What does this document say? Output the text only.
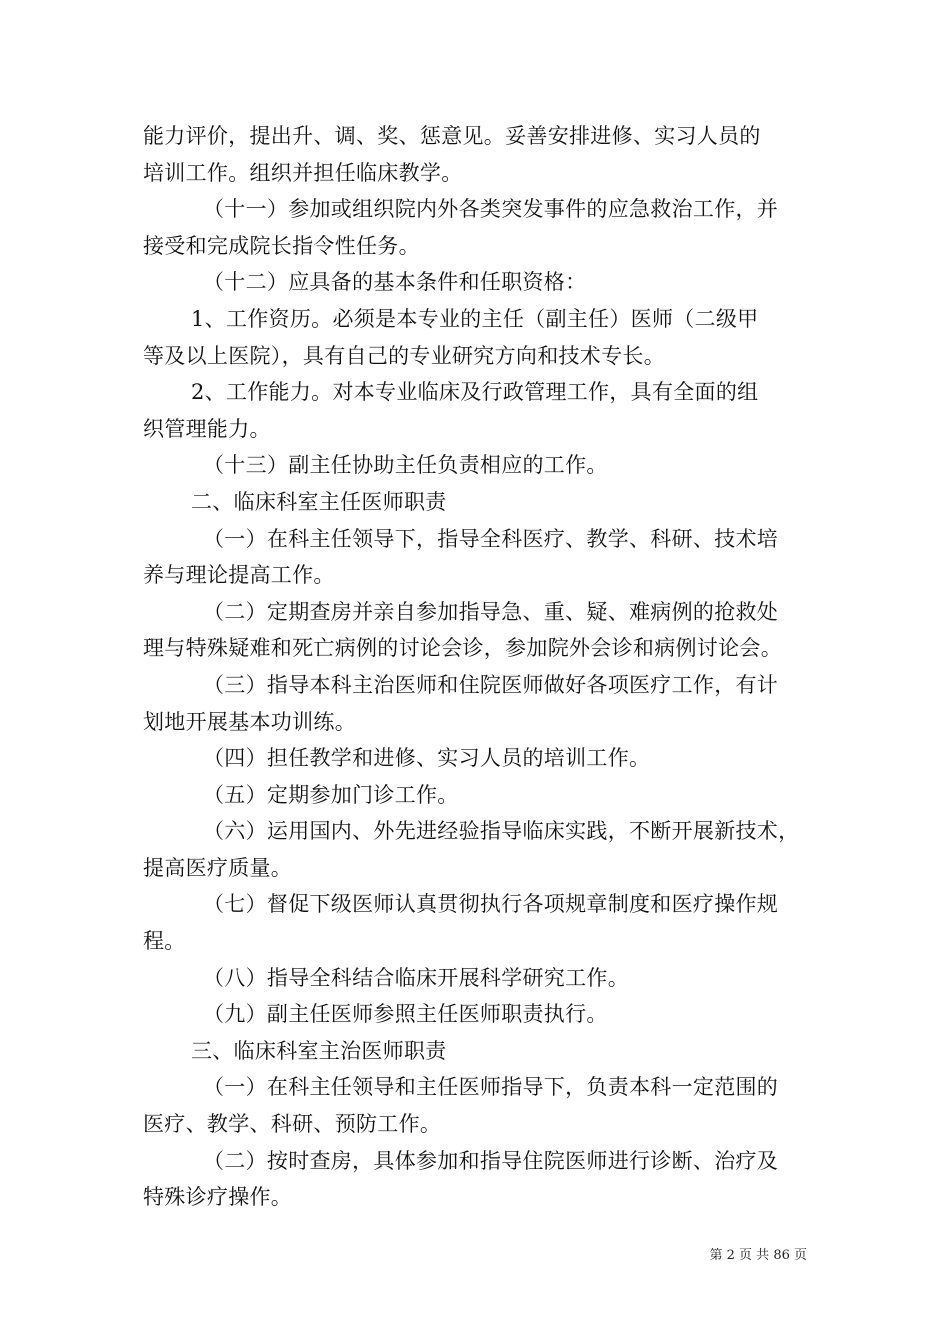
能力评价，提出升、调、奖、惩意见。妥善安排进修、实习人员的
培训工作。组织并担任临床教学。
（十一）参加或组织院内外各类突发事件的应急救治工作，并
接受和完成院长指令性任务。
（十二）应具备的基本条件和任职资格：
1、工作资历。必须是本专业的主任（副主任）医师（二级甲
等及以上医院），具有自己的专业研究方向和技术专长。
2、工作能力。对本专业临床及行政管理工作，具有全面的组
织管理能力。
（十三）副主任协助主任负责相应的工作。
二、临床科室主任医师职责
（一）在科主任领导下，指导全科医疗、教学、科研、技术培
养与理论提高工作。
（二）定期查房并亲自参加指导急、重、疑、难病例的抢救处
理与特殊疑难和死亡病例的讨论会诊，参加院外会诊和病例讨论会。
（三）指导本科主治医师和住院医师做好各项医疗工作，有计
划地开展基本功训练。
（四）担任教学和进修、实习人员的培训工作。
（五）定期参加门诊工作。
（六）运用国内、外先进经验指导临床实践，不断开展新技术，
提高医疗质量。
（七）督促下级医师认真贯彻执行各项规章制度和医疗操作规
程。
（八）指导全科结合临床开展科学研究工作。
（九）副主任医师参照主任医师职责执行。
三、临床科室主治医师职责
（一）在科主任领导和主任医师指导下，负责本科一定范围的
医疗、教学、科研、预防工作。
（二）按时查房，具体参加和指导住院医师进行诊断、治疗及
特殊诊疗操作。
第 2 页 共 86 页
